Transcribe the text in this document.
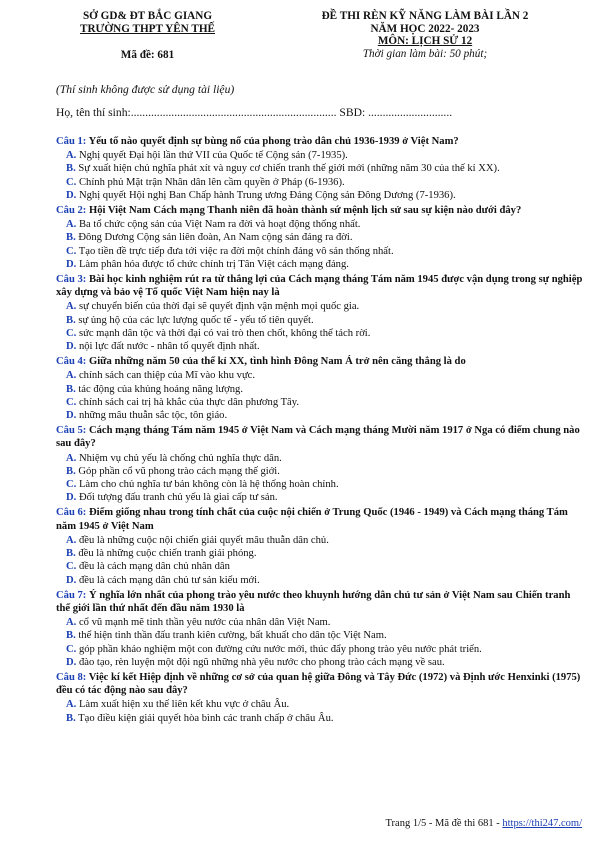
SỞ GD& ĐT BẮC GIANG
TRƯỜNG THPT YÊN THẾ
Mã đề: 681
ĐỀ THI RÈN KỸ NĂNG LÀM BÀI LẦN 2
NĂM HỌC 2022- 2023
MÔN: LỊCH SỬ 12
Thời gian làm bài: 50 phút;
(Thí sinh không được sử dụng tài liệu)
Họ, tên thí sinh:....................................................................... SBD: .............................
Câu 1: Yếu tố nào quyết định sự bùng nổ của phong trào dân chủ 1936-1939 ở Việt Nam?
A. Nghị quyết Đại hội lần thứ VII của Quốc tế Cộng sản (7-1935).
B. Sự xuất hiện chủ nghĩa phát xít và nguy cơ chiến tranh thế giới mới (những năm 30 của thế kỉ XX).
C. Chính phủ Mặt trận Nhân dân lên cầm quyền ở Pháp (6-1936).
D. Nghị quyết Hội nghị Ban Chấp hành Trung ương Đảng Cộng sản Đông Dương (7-1936).
Câu 2: Hội Việt Nam Cách mạng Thanh niên đã hoàn thành sứ mệnh lịch sử sau sự kiện nào dưới đây?
A. Ba tổ chức cộng sản của Việt Nam ra đời và hoạt động thống nhất.
B. Đông Dương Cộng sản liên đoàn, An Nam cộng sản đảng ra đời.
C. Tạo tiền đề trực tiếp đưa tới việc ra đời một chính đảng vô sản thống nhất.
D. Làm phân hóa được tổ chức chính trị Tân Việt cách mạng đảng.
Câu 3: Bài học kinh nghiệm rút ra từ thắng lợi của Cách mạng tháng Tám năm 1945 được vận dụng trong sự nghiệp xây dựng và bảo vệ Tổ quốc Việt Nam hiện nay là
A. sự chuyển biến của thời đại sẽ quyết định vận mệnh mọi quốc gia.
B. sự ủng hộ của các lực lượng quốc tế - yếu tố tiên quyết.
C. sức mạnh dân tộc và thời đại có vai trò then chốt, không thể tách rời.
D. nội lực đất nước - nhân tố quyết định nhất.
Câu 4: Giữa những năm 50 của thế kỉ XX, tình hình Đông Nam Á trở nên căng thẳng là do
A. chính sách can thiệp của Mĩ vào khu vực.
B. tác động của khủng hoảng năng lượng.
C. chính sách cai trị hà khắc của thực dân phương Tây.
D. những mâu thuẫn sắc tộc, tôn giáo.
Câu 5: Cách mạng tháng Tám năm 1945 ở Việt Nam và Cách mạng tháng Mười năm 1917 ở Nga có điểm chung nào sau đây?
A. Nhiệm vụ chủ yếu là chống chủ nghĩa thực dân.
B. Góp phần cổ vũ phong trào cách mạng thế giới.
C. Làm cho chủ nghĩa tư bản không còn là hệ thống hoàn chỉnh.
D. Đối tượng đấu tranh chủ yếu là giai cấp tư sản.
Câu 6: Điểm giống nhau trong tính chất của cuộc nội chiến ở Trung Quốc (1946 - 1949) và Cách mạng tháng Tám năm 1945 ở Việt Nam
A. đều là những cuộc nội chiến giải quyết mâu thuẫn dân chủ.
B. đều là những cuộc chiến tranh giải phóng.
C. đều là cách mạng dân chủ nhân dân
D. đều là cách mạng dân chủ tư sản kiểu mới.
Câu 7: Ý nghĩa lớn nhất của phong trào yêu nước theo khuynh hướng dân chủ tư sản ở Việt Nam sau Chiến tranh thế giới lần thứ nhất đến đầu năm 1930 là
A. cổ vũ mạnh mẽ tinh thần yêu nước của nhân dân Việt Nam.
B. thể hiện tinh thần đấu tranh kiên cường, bất khuất cho dân tộc Việt Nam.
C. góp phần khảo nghiệm một con đường cứu nước mới, thúc đẩy phong trào yêu nước phát triển.
D. đào tạo, rèn luyện một đội ngũ những nhà yêu nước cho phong trào cách mạng về sau.
Câu 8: Việc kí kết Hiệp định về những cơ sở của quan hệ giữa Đông và Tây Đức (1972) và Định ước Henxinki (1975) đều có tác động nào sau đây?
A. Làm xuất hiện xu thế liên kết khu vực ở châu Âu.
B. Tạo điều kiện giải quyết hòa bình các tranh chấp ở châu Âu.
Trang 1/5 - Mã đề thi 681 - https://thi247.com/
